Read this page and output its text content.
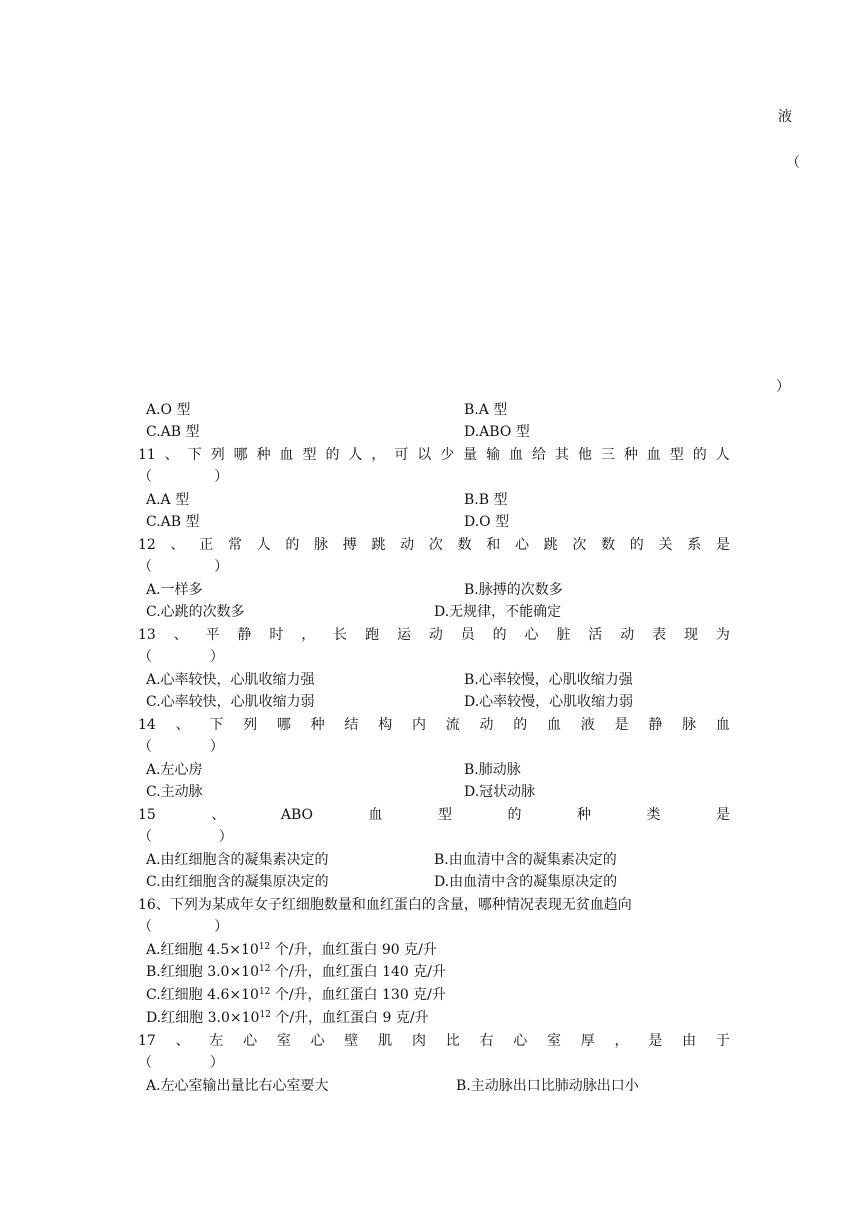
液
（
）
A.O 型	B.A 型
C.AB 型	D.ABO 型
11 、 下 列 哪 种 血 型 的 人 ， 可 以 少 量 输 血 给 其 他 三 种 血 型 的 人
（              ）
A.A 型	B.B 型
C.AB 型	D.O 型
12 、 正 常 人 的 脉 搏 跳 动 次 数 和 心 跳 次 数 的 关 系 是
（              ）
A.一样多	B.脉搏的次数多
C.心跳的次数多	D.无规律，不能确定
13 、 平 静 时 ， 长 跑 运 动 员 的 心 脏 活 动 表 现 为
（             ）
A.心率较快，心肌收缩力强	B.心率较慢，心肌收缩力强
C.心率较快，心肌收缩力弱	D.心率较慢，心肌收缩力弱
14 、 下 列 哪 种 结 构 内 流 动 的 血 液 是 静 脉 血
（             ）
A.左心房	B.肺动脉
C.主动脉	D.冠状动脉
15	、	ABO	血	型	的	种	类	是
（               ）
A.由红细胞含的凝集素决定的	B.由血清中含的凝集素决定的
C.由红细胞含的凝集原决定的	D.由血清中含的凝集原决定的
16、下列为某成年女子红细胞数量和血红蛋白的含量，哪种情况表现无贫血趋向
（              ）
A.红细胞 $4.5\times 10^{12}$ 个/升，血红蛋白 90 克/升
B.红细胞 $3.0\times 10^{12}$ 个/升，血红蛋白 140 克/升
C.红细胞 $4.6\times 10^{12}$ 个/升，血红蛋白 130 克/升
D.红细胞 $3.0\times 10^{12}$ 个/升，血红蛋白 9 克/升
17 、 左 心 室 心 壁 肌 肉 比 右 心 室 厚 ， 是 由 于
（             ）
A.左心室输出量比右心室要大	B.主动脉出口比肺动脉出口小
